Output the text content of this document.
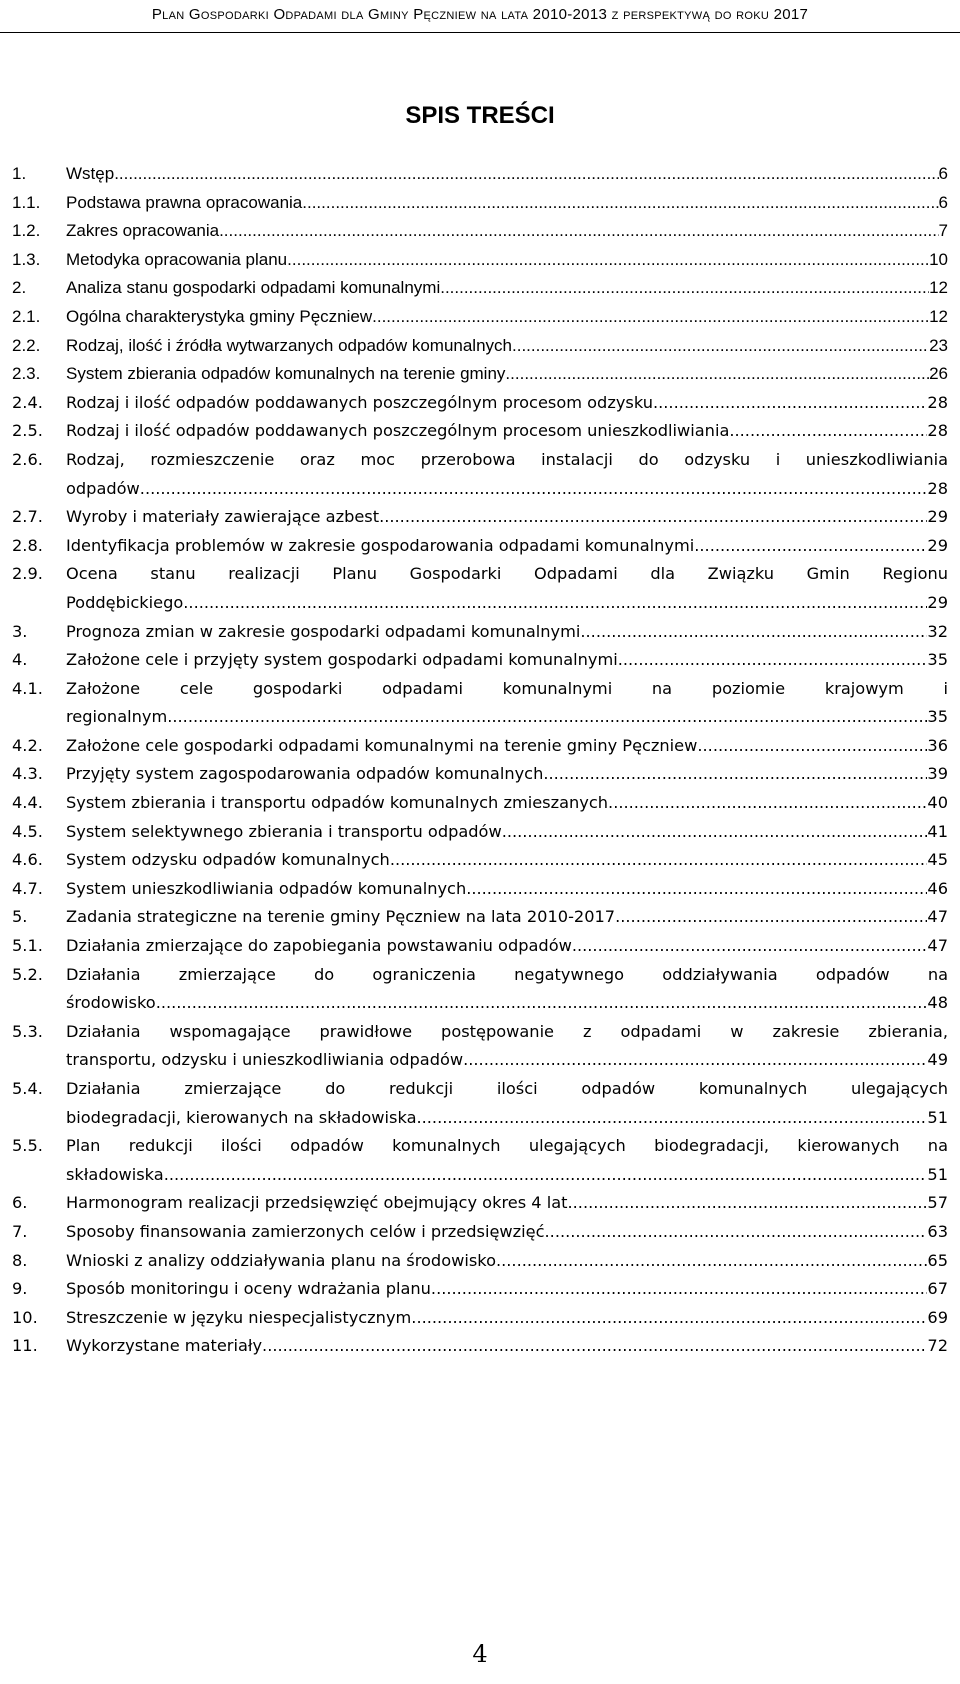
Plan Gospodarki Odpadami dla Gminy Pęczniew na lata 2010-2013 z perspektywą do roku 2017
SPIS TREŚCI
1.	Wstęp .....	6
1.1.	Podstawa prawna opracowania .....	6
1.2.	Zakres opracowania .....	7
1.3.	Metodyka opracowania planu .....	10
2.	Analiza stanu gospodarki odpadami komunalnymi .....	12
2.1.	Ogólna charakterystyka gminy Pęczniew .....	12
2.2.	Rodzaj, ilość i źródła wytwarzanych odpadów komunalnych .....	23
2.3.	System zbierania odpadów komunalnych na terenie gminy .....	26
2.4.	Rodzaj i ilość odpadów poddawanych poszczególnym procesom odzysku .....	28
2.5.	Rodzaj i ilość odpadów poddawanych poszczególnym procesom unieszkodliwiania .....	28
2.6.	Rodzaj, rozmieszczenie oraz moc przerobowa instalacji do odzysku i unieszkodliwiania
odpadów .....	28
2.7.	Wyroby i materiały zawierające azbest .....	29
2.8.	Identyfikacja problemów w zakresie gospodarowania odpadami komunalnymi .....	29
2.9.	Ocena stanu realizacji Planu Gospodarki Odpadami dla Związku Gmin Regionu
Poddębickiego .....	29
3.	Prognoza zmian w zakresie gospodarki odpadami komunalnymi .....	32
4.	Założone cele i przyjęty system gospodarki odpadami komunalnymi .....	35
4.1.	Założone cele gospodarki odpadami komunalnymi na poziomie krajowym i
regionalnym .....	35
4.2.	Założone cele gospodarki odpadami komunalnymi na terenie gminy Pęczniew .....	36
4.3.	Przyjęty system zagospodarowania odpadów komunalnych .....	39
4.4.	System zbierania i transportu odpadów komunalnych zmieszanych .....	40
4.5.	System selektywnego zbierania i transportu odpadów .....	41
4.6.	System odzysku odpadów komunalnych .....	45
4.7.	System unieszkodliwiania odpadów komunalnych .....	46
5.	Zadania strategiczne na terenie gminy Pęczniew na lata 2010-2017 .....	47
5.1.	Działania zmierzające do zapobiegania powstawaniu odpadów .....	47
5.2.	Działania zmierzające do ograniczenia negatywnego oddziaływania odpadów na
środowisko .....	48
5.3.	Działania wspomagające prawidłowe postępowanie z odpadami w zakresie zbierania,
transportu, odzysku i unieszkodliwiania odpadów .....	49
5.4.	Działania zmierzające do redukcji ilości odpadów komunalnych ulegających
biodegradacji, kierowanych na składowiska .....	51
5.5.	Plan redukcji ilości odpadów komunalnych ulegających biodegradacji, kierowanych na
składowiska .....	51
6.	Harmonogram realizacji przedsięwzięć obejmujący okres 4 lat .....	57
7.	Sposoby finansowania zamierzonych celów i przedsięwzięć .....	63
8.	Wnioski z analizy oddziaływania planu na środowisko .....	65
9.	Sposób monitoringu i oceny wdrażania planu .....	67
10.	Streszczenie w języku niespecjalistycznym .....	69
11.	Wykorzystane materiały .....	72
4
